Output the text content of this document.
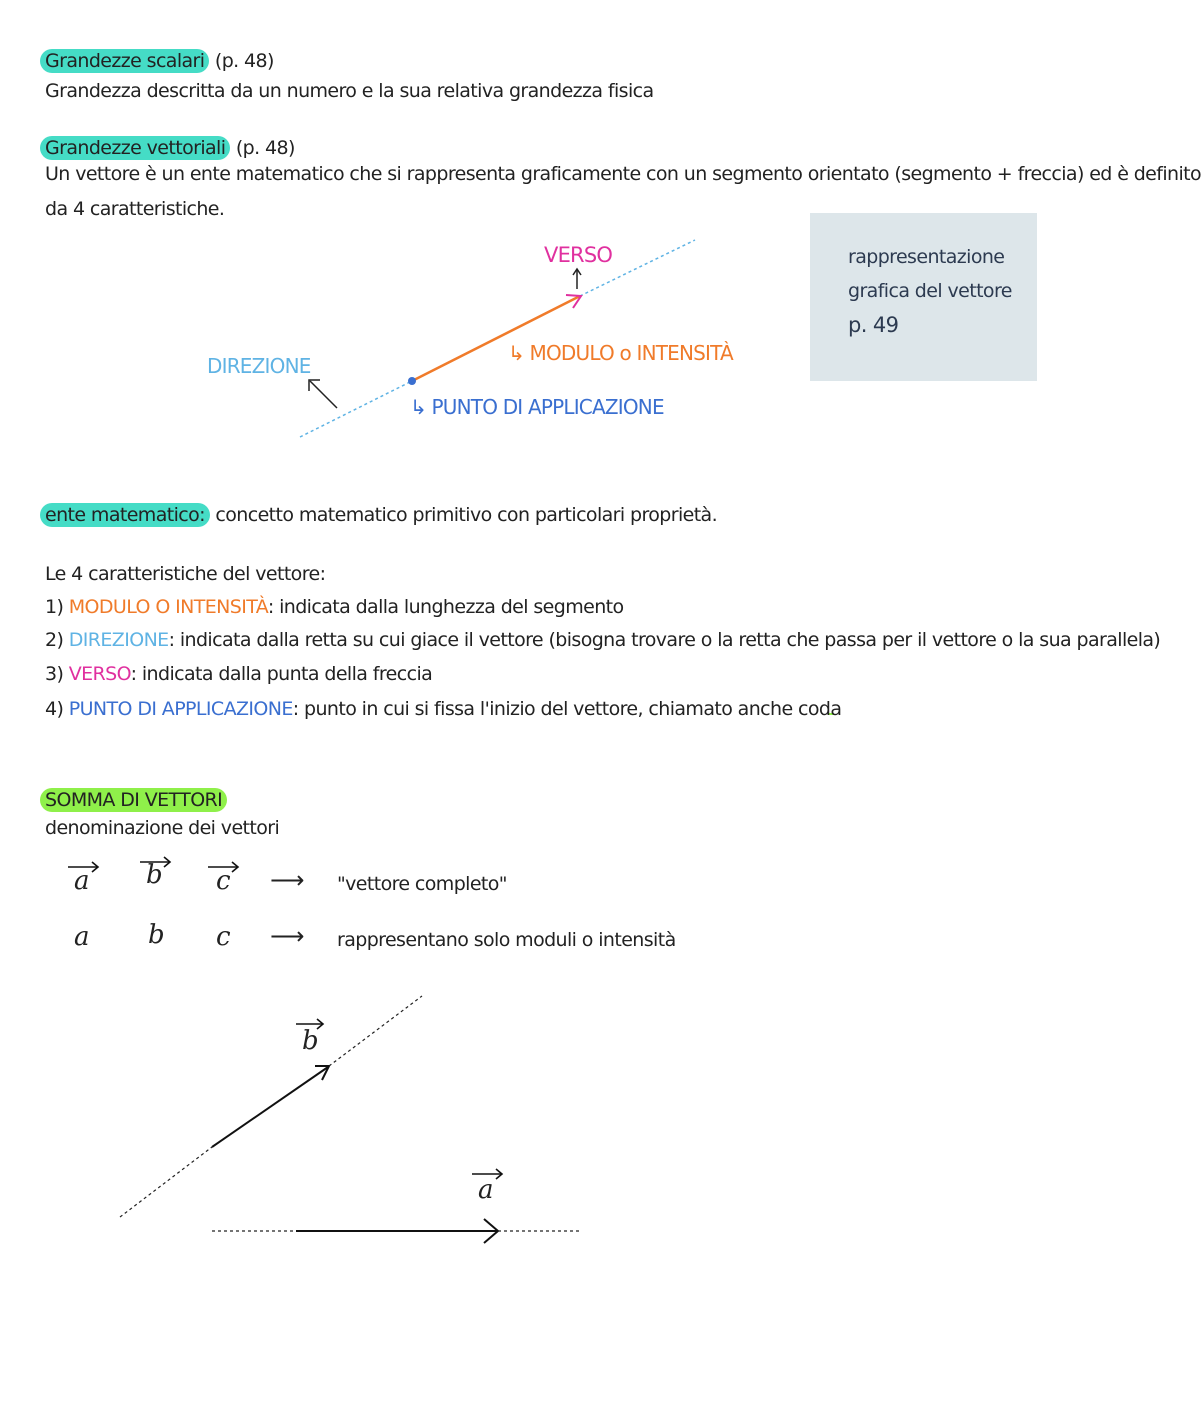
Grandezze scalari (p. 48)
Grandezza descritta da un numero e la sua relativa grandezza fisica
Grandezze vettoriali (p. 48)
Un vettore è un ente matematico che si rappresenta graficamente con un segmento orientato (segmento + freccia) ed è definito
da 4 caratteristiche.
VERSO
↳ MODULO o INTENSITÀ
DIREZIONE
↳ PUNTO DI APPLICAZIONE
rappresentazione
grafica del vettore
p. 49
ente matematico: concetto matematico primitivo con particolari proprietà.
Le 4 caratteristiche del vettore:
1) MODULO O INTENSITÀ: indicata dalla lunghezza del segmento
2) DIREZIONE: indicata dalla retta su cui giace il vettore (bisogna trovare o la retta che passa per il vettore o la sua parallela)
3) VERSO: indicata dalla punta della freccia
4) PUNTO DI APPLICAZIONE: punto in cui si fissa l'inizio del vettore, chiamato anche coda
SOMMA DI VETTORI
denominazione dei vettori
a b c ⟶ "vettore completo"
a b c ⟶ rappresentano solo moduli o intensità
b
a
